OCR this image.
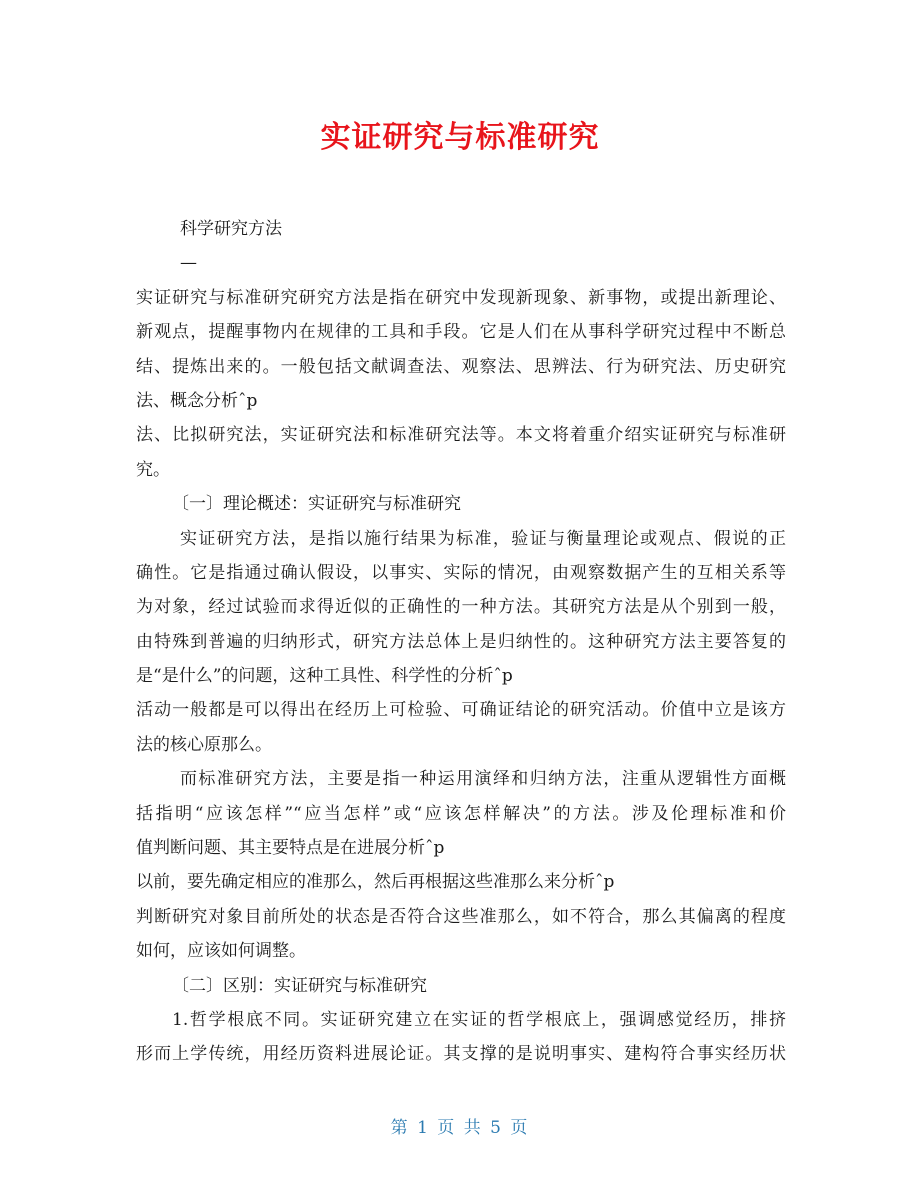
实证研究与标准研究
科学研究方法
—
实证研究与标准研究研究方法是指在研究中发现新现象、新事物，或提出新理论、
新观点，提醒事物内在规律的工具和手段。它是人们在从事科学研究过程中不断总
结、提炼出来的。一般包括文献调查法、观察法、思辨法、行为研究法、历史研究
法、概念分析ˆp
法、比拟研究法，实证研究法和标准研究法等。本文将着重介绍实证研究与标准研
究。
〔一〕理论概述：实证研究与标准研究
实证研究方法，是指以施行结果为标准，验证与衡量理论或观点、假说的正
确性。它是指通过确认假设，以事实、实际的情况，由观察数据产生的互相关系等
为对象，经过试验而求得近似的正确性的一种方法。其研究方法是从个别到一般，
由特殊到普遍的归纳形式，研究方法总体上是归纳性的。这种研究方法主要答复的
是“是什么”的问题，这种工具性、科学性的分析ˆp
活动一般都是可以得出在经历上可检验、可确证结论的研究活动。价值中立是该方
法的核心原那么。
而标准研究方法，主要是指一种运用演绎和归纳方法，注重从逻辑性方面概
括指明“应该怎样”“应当怎样”或“应该怎样解决”的方法。涉及伦理标准和价
值判断问题、其主要特点是在进展分析ˆp
以前，要先确定相应的准那么，然后再根据这些准那么来分析ˆp
判断研究对象目前所处的状态是否符合这些准那么，如不符合，那么其偏离的程度
如何，应该如何调整。
〔二〕区别：实证研究与标准研究
1.哲学根底不同。实证研究建立在实证的哲学根底上，强调感觉经历，排挤
形而上学传统，用经历资料进展论证。其支撑的是说明事实、建构符合事实经历状
第 1 页 共 5 页
